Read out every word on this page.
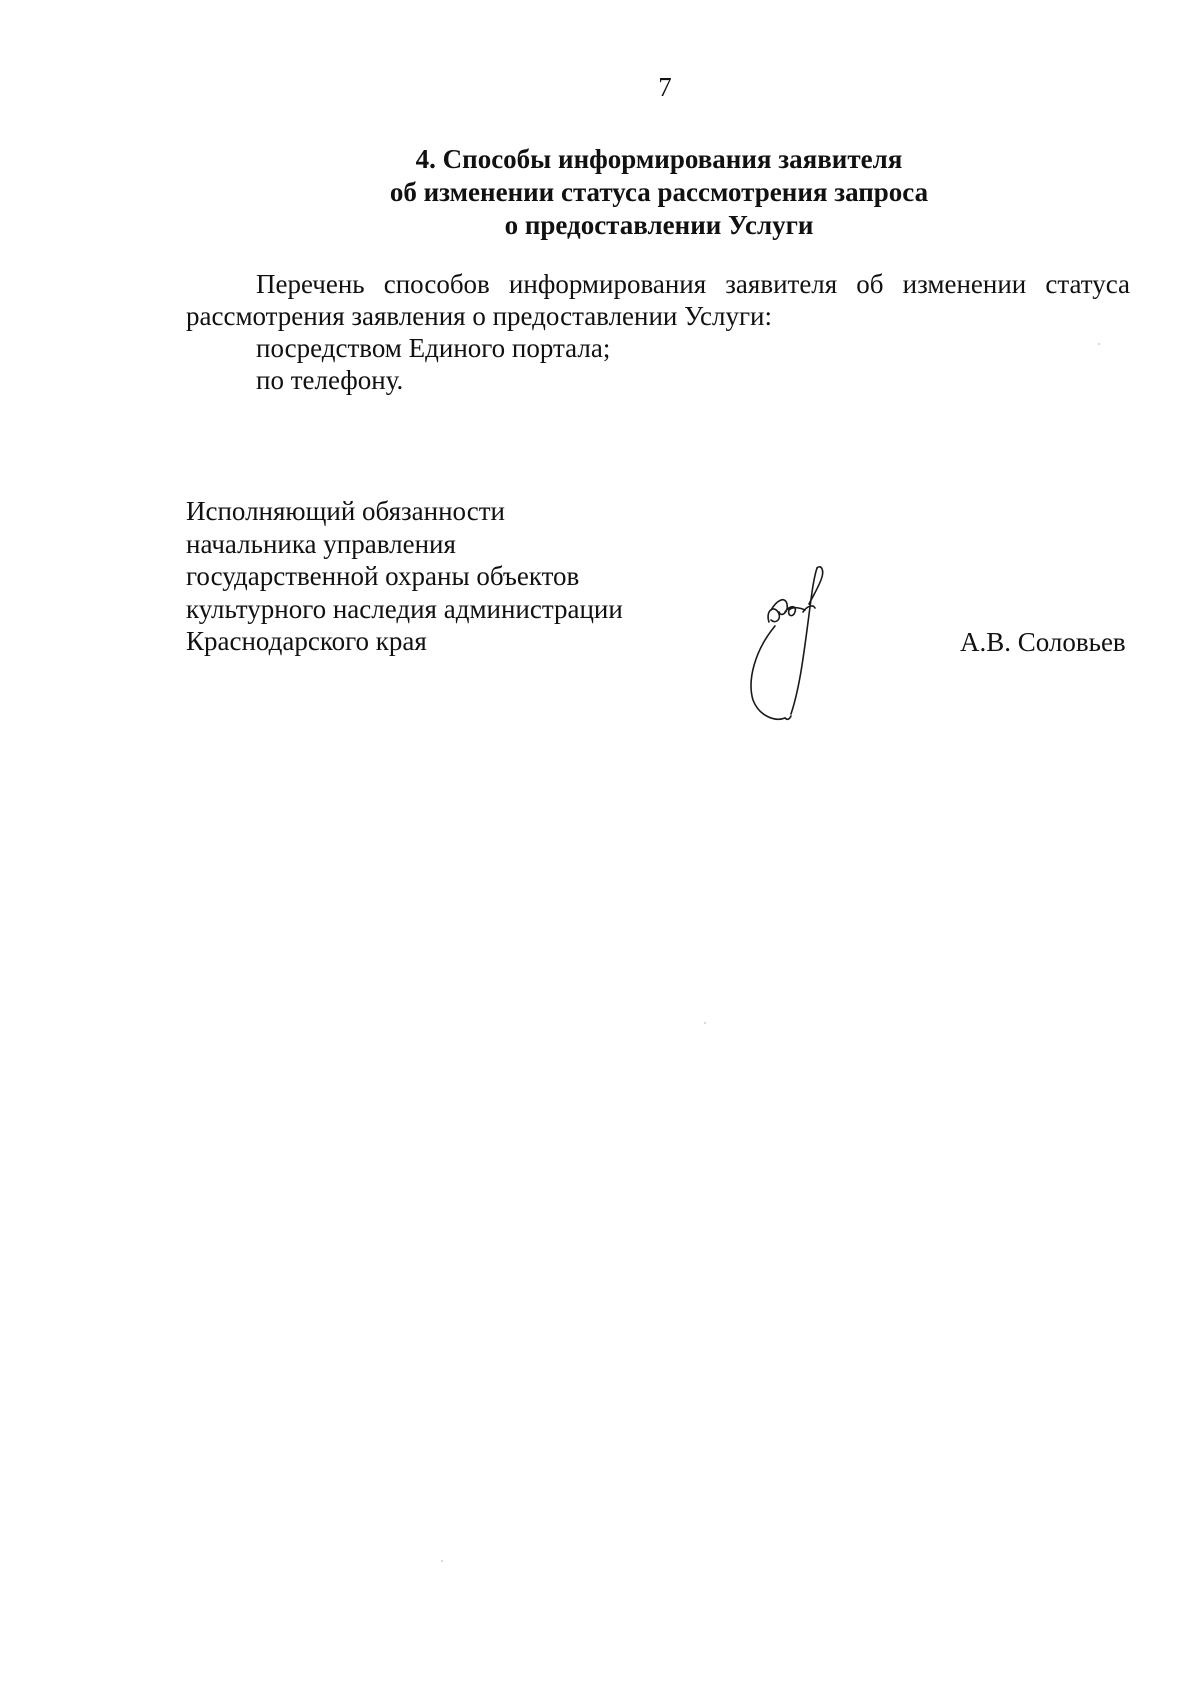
7
4. Способы информирования заявителя
об изменении статуса рассмотрения запроса
о предоставлении Услуги

Перечень способов информирования заявителя об изменении статуса рассмотрения заявления о предоставлении Услуги:

посредством Единого портала;

по телефону.

Исполняющий обязанности
начальника управления
государственной охраны объектов
культурного наследия администрации
Краснодарского края	А.В. Соловьев
